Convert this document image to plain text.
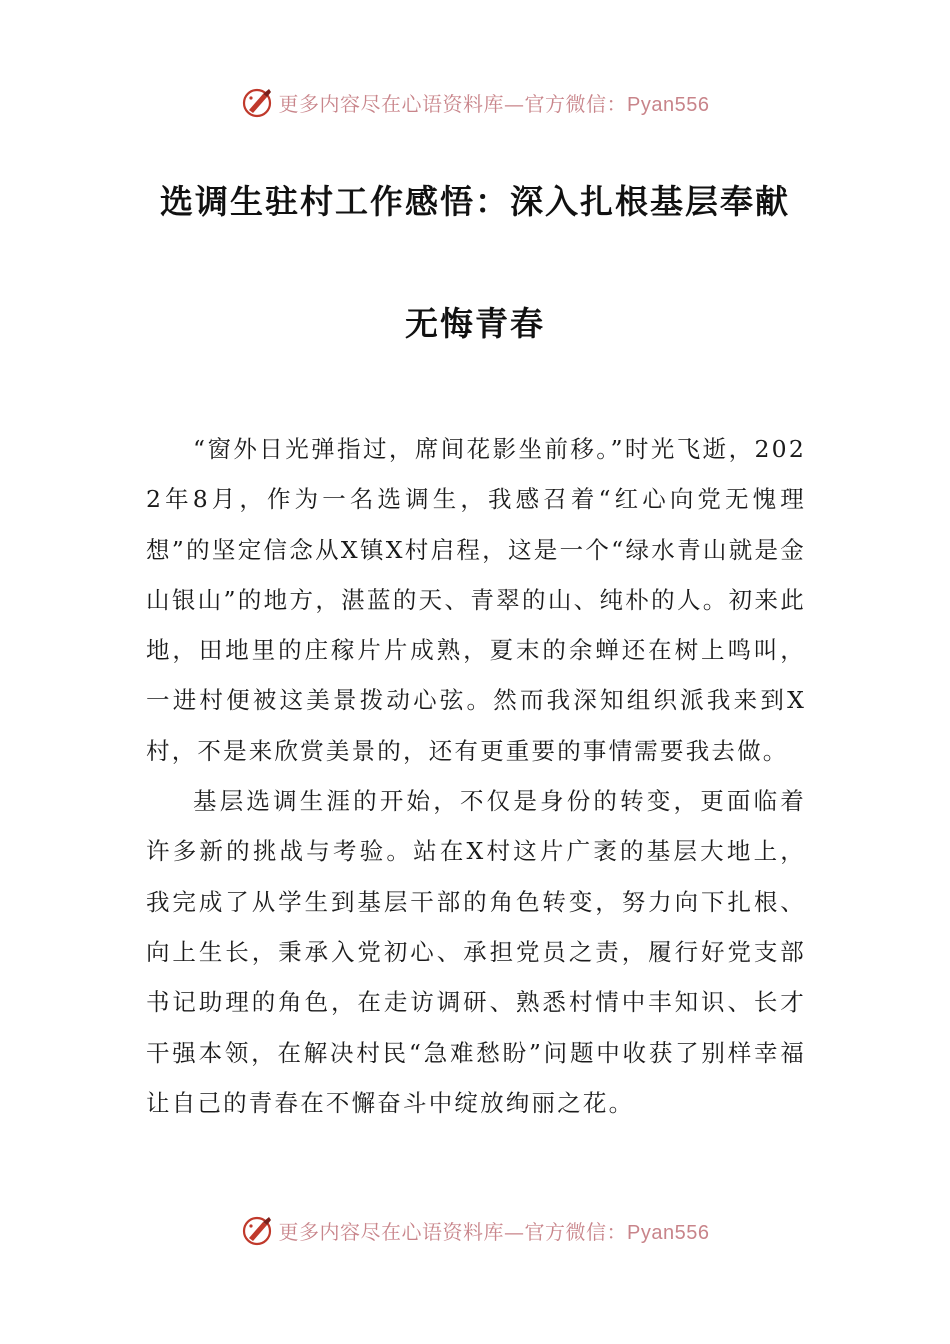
更多内容尽在心语资料库—官方微信：Pyan556
选调生驻村工作感悟：深入扎根基层奉献
无悔青春

“窗外日光弹指过，席间花影坐前移。”时光飞逝，2022年8月，作为一名选调生，我感召着“红心向党无愧理想”的坚定信念从X镇X村启程，这是一个“绿水青山就是金山银山”的地方，湛蓝的天、青翠的山、纯朴的人。初来此地，田地里的庄稼片片成熟，夏末的余蝉还在树上鸣叫，一进村便被这美景拨动心弦。然而我深知组织派我来到X村，不是来欣赏美景的，还有更重要的事情需要我去做。

基层选调生涯的开始，不仅是身份的转变，更面临着许多新的挑战与考验。站在X村这片广袤的基层大地上，我完成了从学生到基层干部的角色转变，努力向下扎根、向上生长，秉承入党初心、承担党员之责，履行好党支部书记助理的角色，在走访调研、熟悉村情中丰知识、长才干强本领，在解决村民“急难愁盼”问题中收获了别样幸福让自己的青春在不懈奋斗中绽放绚丽之花。

更多内容尽在心语资料库—官方微信：Pyan556
